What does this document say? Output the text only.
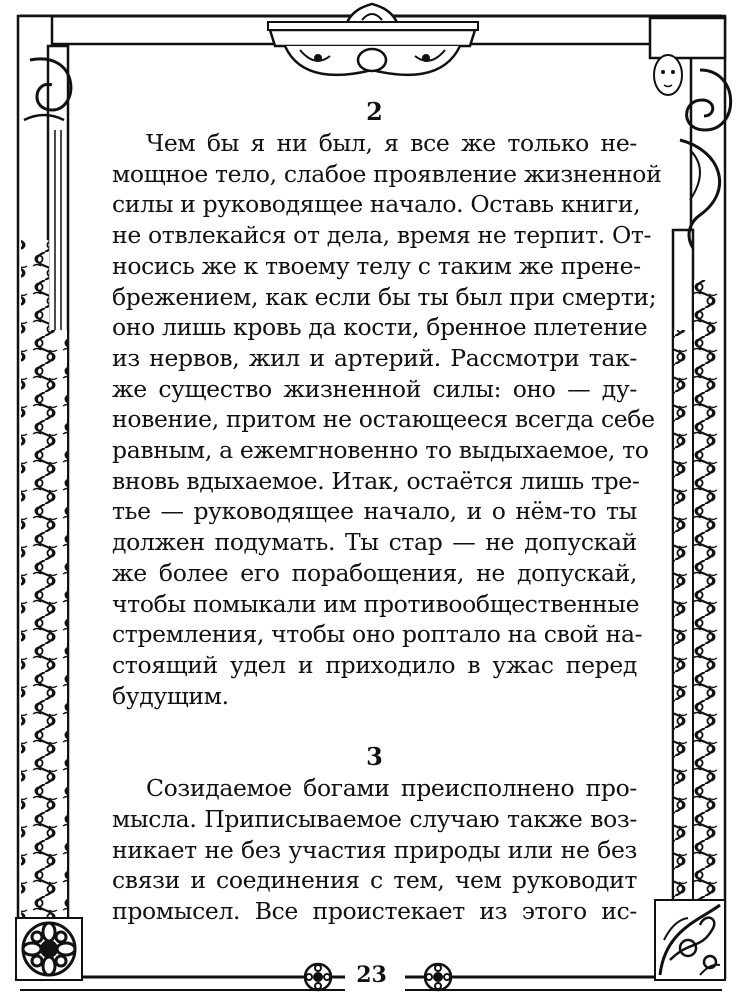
2

Чем бы я ни был, я все же только не-
мощное тело, слабое проявление жизненной
силы и руководящее начало. Оставь книги,
не отвлекайся от дела, время не терпит. От-
носись же к твоему телу с таким же прене-
брежением, как если бы ты был при смерти;
оно лишь кровь да кости, бренное плетение
из нервов, жил и артерий. Рассмотри так-
же существо жизненной силы: оно — ду-
новение, притом не остающееся всегда себе
равным, а ежемгновенно то выдыхаемое, то
вновь вдыхаемое. Итак, остаётся лишь тре-
тье — руководящее начало, и о нём-то ты
должен подумать. Ты стар — не допускай
же более его порабощения, не допускай,
чтобы помыкали им противообщественные
стремления, чтобы оно роптало на свой на-
стоящий удел и приходило в ужас перед
будущим.

3

Созидаемое богами преисполнено про-
мысла. Приписываемое случаю также воз-
никает не без участия природы или не без
связи и соединения с тем, чем руководит
промысел. Все проистекает из этого ис-
23
